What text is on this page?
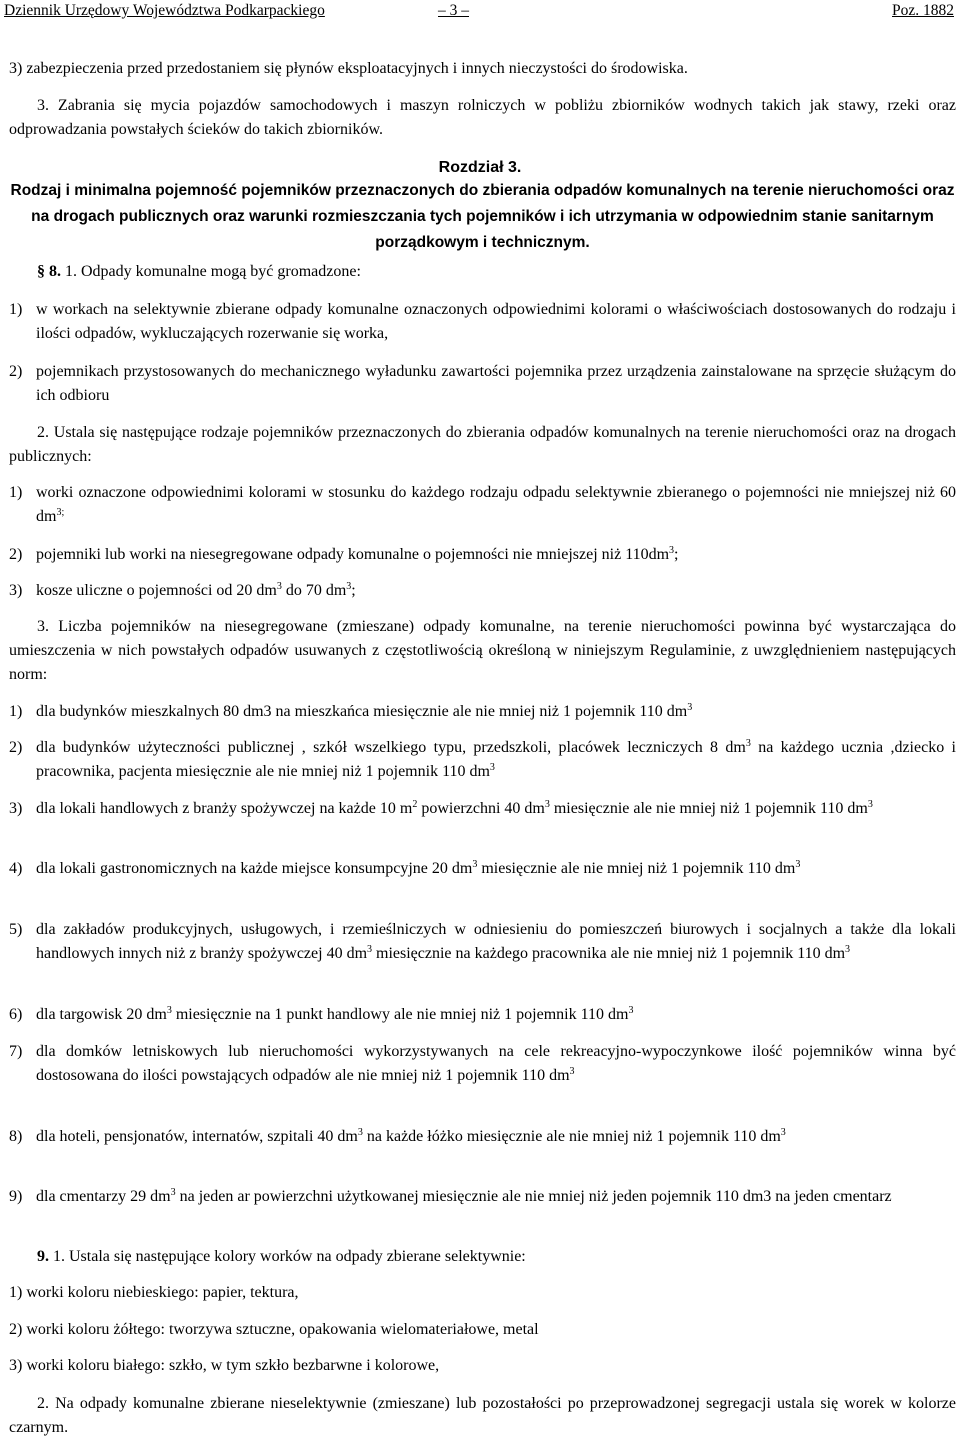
Dziennik Urzędowy Województwa Podkarpackiego	– 3 –	Poz. 1882
3) zabezpieczenia przed przedostaniem się płynów eksploatacyjnych i innych nieczystości do środowiska.
3. Zabrania się mycia pojazdów samochodowych i maszyn rolniczych w pobliżu zbiorników wodnych takich jak stawy, rzeki oraz odprowadzania powstałych ścieków do takich zbiorników.
Rozdział 3.
Rodzaj i minimalna pojemność pojemników przeznaczonych do zbierania odpadów komunalnych na terenie nieruchomości oraz na drogach publicznych oraz warunki rozmieszczania tych pojemników i ich utrzymania w odpowiednim stanie sanitarnym porządkowym i technicznym.
§ 8. 1. Odpady komunalne mogą być gromadzone:
1) w workach na selektywnie zbierane odpady komunalne oznaczonych odpowiednimi kolorami o właściwościach dostosowanych do rodzaju i ilości odpadów, wykluczających rozerwanie się worka,
2) pojemnikach przystosowanych do mechanicznego wyładunku zawartości pojemnika przez urządzenia zainstalowane na sprzęcie służącym do ich odbioru
2. Ustala się następujące rodzaje pojemników przeznaczonych do zbierania odpadów komunalnych na terenie nieruchomości oraz na drogach publicznych:
1) worki oznaczone odpowiednimi kolorami w stosunku do każdego rodzaju odpadu selektywnie zbieranego o pojemności nie mniejszej niż 60 $dm^{3;}$
2) pojemniki lub worki na niesegregowane odpady komunalne o pojemności nie mniejszej niż $110dm^3$;
3) kosze uliczne o pojemności od 20 $dm^3$ do 70 $dm^3$;
3. Liczba pojemników na niesegregowane (zmieszane) odpady komunalne, na terenie nieruchomości powinna być wystarczająca do umieszczenia w nich powstałych odpadów usuwanych z częstotliwością określoną w niniejszym Regulaminie, z uwzględnieniem następujących norm:
1) dla budynków mieszkalnych 80 dm3 na mieszkańca miesięcznie ale nie mniej niż 1 pojemnik 110 $dm^3$
2) dla budynków użyteczności publicznej , szkół wszelkiego typu, przedszkoli, placówek leczniczych 8 $dm^3$ na każdego ucznia ,dziecko i pracownika, pacjenta miesięcznie ale nie mniej niż 1 pojemnik 110 $dm^3$
3) dla lokali handlowych z branży spożywczej na każde 10 $m^2$ powierzchni 40 $dm^3$ miesięcznie ale nie mniej niż 1 pojemnik 110 $dm^3$
4) dla lokali gastronomicznych na każde miejsce konsumpcyjne 20 $dm^3$ miesięcznie ale nie mniej niż 1 pojemnik 110 $dm^3$
5) dla zakładów produkcyjnych, usługowych, i rzemieślniczych w odniesieniu do pomieszczeń biurowych i socjalnych a także dla lokali handlowych innych niż z branży spożywczej 40 $dm^3$ miesięcznie na każdego pracownika ale nie mniej niż 1 pojemnik 110 $dm^3$
6) dla targowisk 20 $dm^3$ miesięcznie na 1 punkt handlowy ale nie mniej niż 1 pojemnik 110 $dm^3$
7) dla domków letniskowych lub nieruchomości wykorzystywanych na cele rekreacyjno-wypoczynkowe ilość pojemników winna być dostosowana do ilości powstających odpadów ale nie mniej niż 1 pojemnik 110 $dm^3$
8) dla hoteli, pensjonatów, internatów, szpitali 40 $dm^3$ na każde łóżko miesięcznie ale nie mniej niż 1 pojemnik 110 $dm^3$
9) dla cmentarzy 29 $dm^3$ na jeden ar powierzchni użytkowanej miesięcznie ale nie mniej niż jeden pojemnik 110 dm3 na jeden cmentarz
9. 1. Ustala się następujące kolory worków na odpady zbierane selektywnie:
1) worki koloru niebieskiego: papier, tektura,
2) worki koloru żółtego: tworzywa sztuczne, opakowania wielomateriałowe, metal
3) worki koloru białego: szkło, w tym szkło bezbarwne i kolorowe,
2. Na odpady komunalne zbierane nieselektywnie (zmieszane) lub pozostałości po przeprowadzonej segregacji ustala się worek w kolorze czarnym.
